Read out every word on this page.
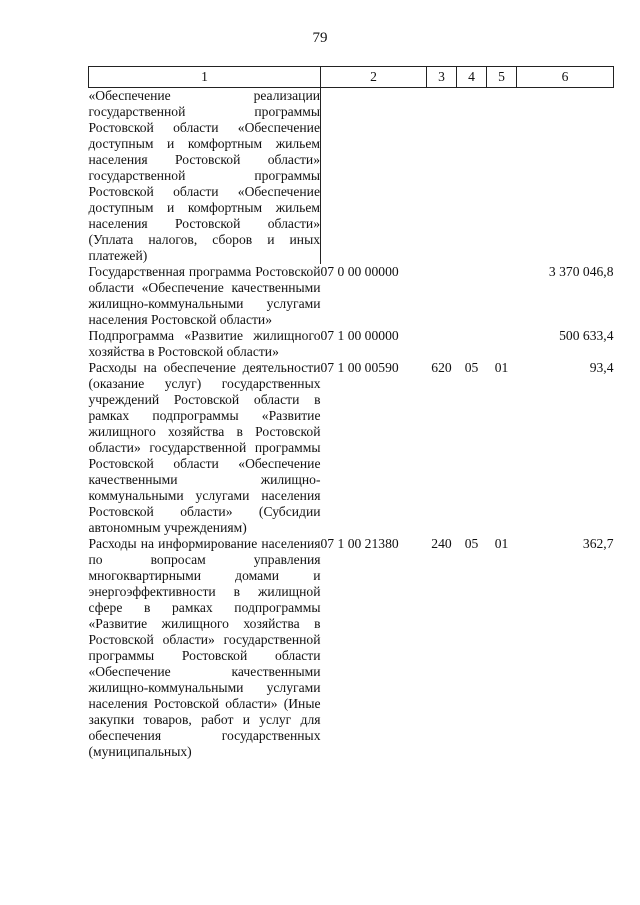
79
1	2	3	4	5	6
«Обеспечение реализации государственной программы Ростовской области «Обеспечение доступным и комфортным жильем населения Ростовской области» государственной программы Ростовской области «Обеспечение доступным и комфортным жильем населения Ростовской области» (Уплата налогов, сборов и иных платежей)					
Государственная программа Ростовской области «Обеспечение качественными жилищно-коммунальными услугами населения Ростовской области»	07 0 00 00000				3 370 046,8
Подпрограмма «Развитие жилищного хозяйства в Ростовской области»	07 1 00 00000				500 633,4
Расходы на обеспечение деятельности (оказание услуг) государственных учреждений Ростовской области в рамках подпрограммы «Развитие жилищного хозяйства в Ростовской области» государственной программы Ростовской области «Обеспечение качественными жилищно-коммунальными услугами населения Ростовской области» (Субсидии автономным учреждениям)	07 1 00 00590	620	05	01	93,4
Расходы на информирование населения по вопросам управления многоквартирными домами и энергоэффективности в жилищной сфере в рамках подпрограммы «Развитие жилищного хозяйства в Ростовской области» государственной программы Ростовской области «Обеспечение качественными жилищно-коммунальными услугами населения Ростовской области» (Иные закупки товаров, работ и услуг для обеспечения государственных (муниципальных)	07 1 00 21380	240	05	01	362,7
